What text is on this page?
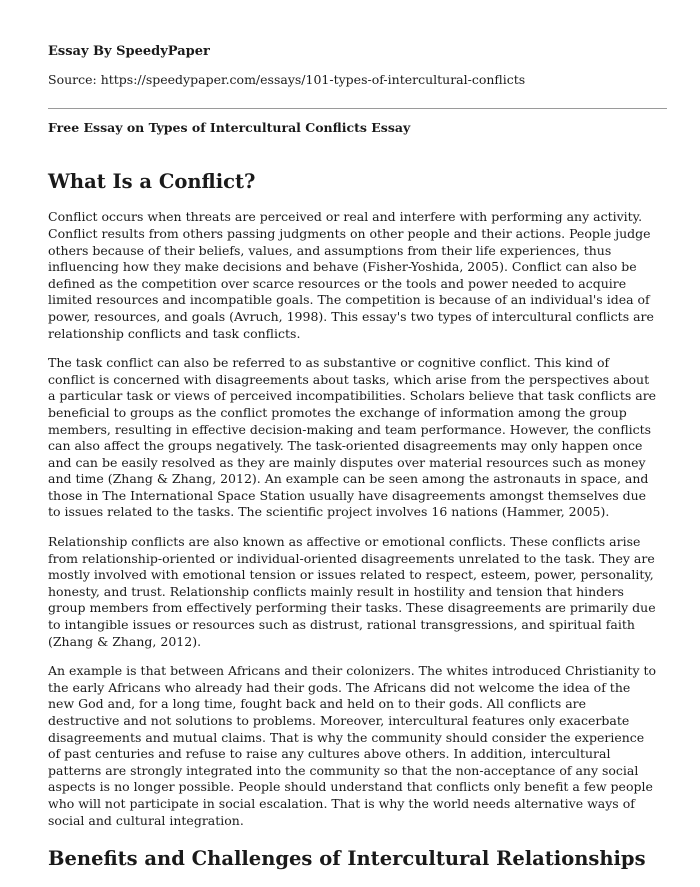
Essay By SpeedyPaper

Source: https://speedypaper.com/essays/101-types-of-intercultural-conflicts

Free Essay on Types of Intercultural Conflicts Essay

What Is a Conflict?

Conflict occurs when threats are perceived or real and interfere with performing any activity. Conflict results from others passing judgments on other people and their actions. People judge others because of their beliefs, values, and assumptions from their life experiences, thus influencing how they make decisions and behave (Fisher-Yoshida, 2005). Conflict can also be defined as the competition over scarce resources or the tools and power needed to acquire limited resources and incompatible goals. The competition is because of an individual's idea of power, resources, and goals (Avruch, 1998). This essay's two types of intercultural conflicts are relationship conflicts and task conflicts.

The task conflict can also be referred to as substantive or cognitive conflict. This kind of conflict is concerned with disagreements about tasks, which arise from the perspectives about a particular task or views of perceived incompatibilities. Scholars believe that task conflicts are beneficial to groups as the conflict promotes the exchange of information among the group members, resulting in effective decision-making and team performance. However, the conflicts can also affect the groups negatively. The task-oriented disagreements may only happen once and can be easily resolved as they are mainly disputes over material resources such as money and time (Zhang & Zhang, 2012). An example can be seen among the astronauts in space, and those in The International Space Station usually have disagreements amongst themselves due to issues related to the tasks. The scientific project involves 16 nations (Hammer, 2005).

Relationship conflicts are also known as affective or emotional conflicts. These conflicts arise from relationship-oriented or individual-oriented disagreements unrelated to the task. They are mostly involved with emotional tension or issues related to respect, esteem, power, personality, honesty, and trust. Relationship conflicts mainly result in hostility and tension that hinders group members from effectively performing their tasks. These disagreements are primarily due to intangible issues or resources such as distrust, rational transgressions, and spiritual faith (Zhang & Zhang, 2012).

An example is that between Africans and their colonizers. The whites introduced Christianity to the early Africans who already had their gods. The Africans did not welcome the idea of the new God and, for a long time, fought back and held on to their gods. All conflicts are destructive and not solutions to problems. Moreover, intercultural features only exacerbate disagreements and mutual claims. That is why the community should consider the experience of past centuries and refuse to raise any cultures above others. In addition, intercultural patterns are strongly integrated into the community so that the non-acceptance of any social aspects is no longer possible. People should understand that conflicts only benefit a few people who will not participate in social escalation. That is why the world needs alternative ways of social and cultural integration.

Benefits and Challenges of Intercultural Relationships
